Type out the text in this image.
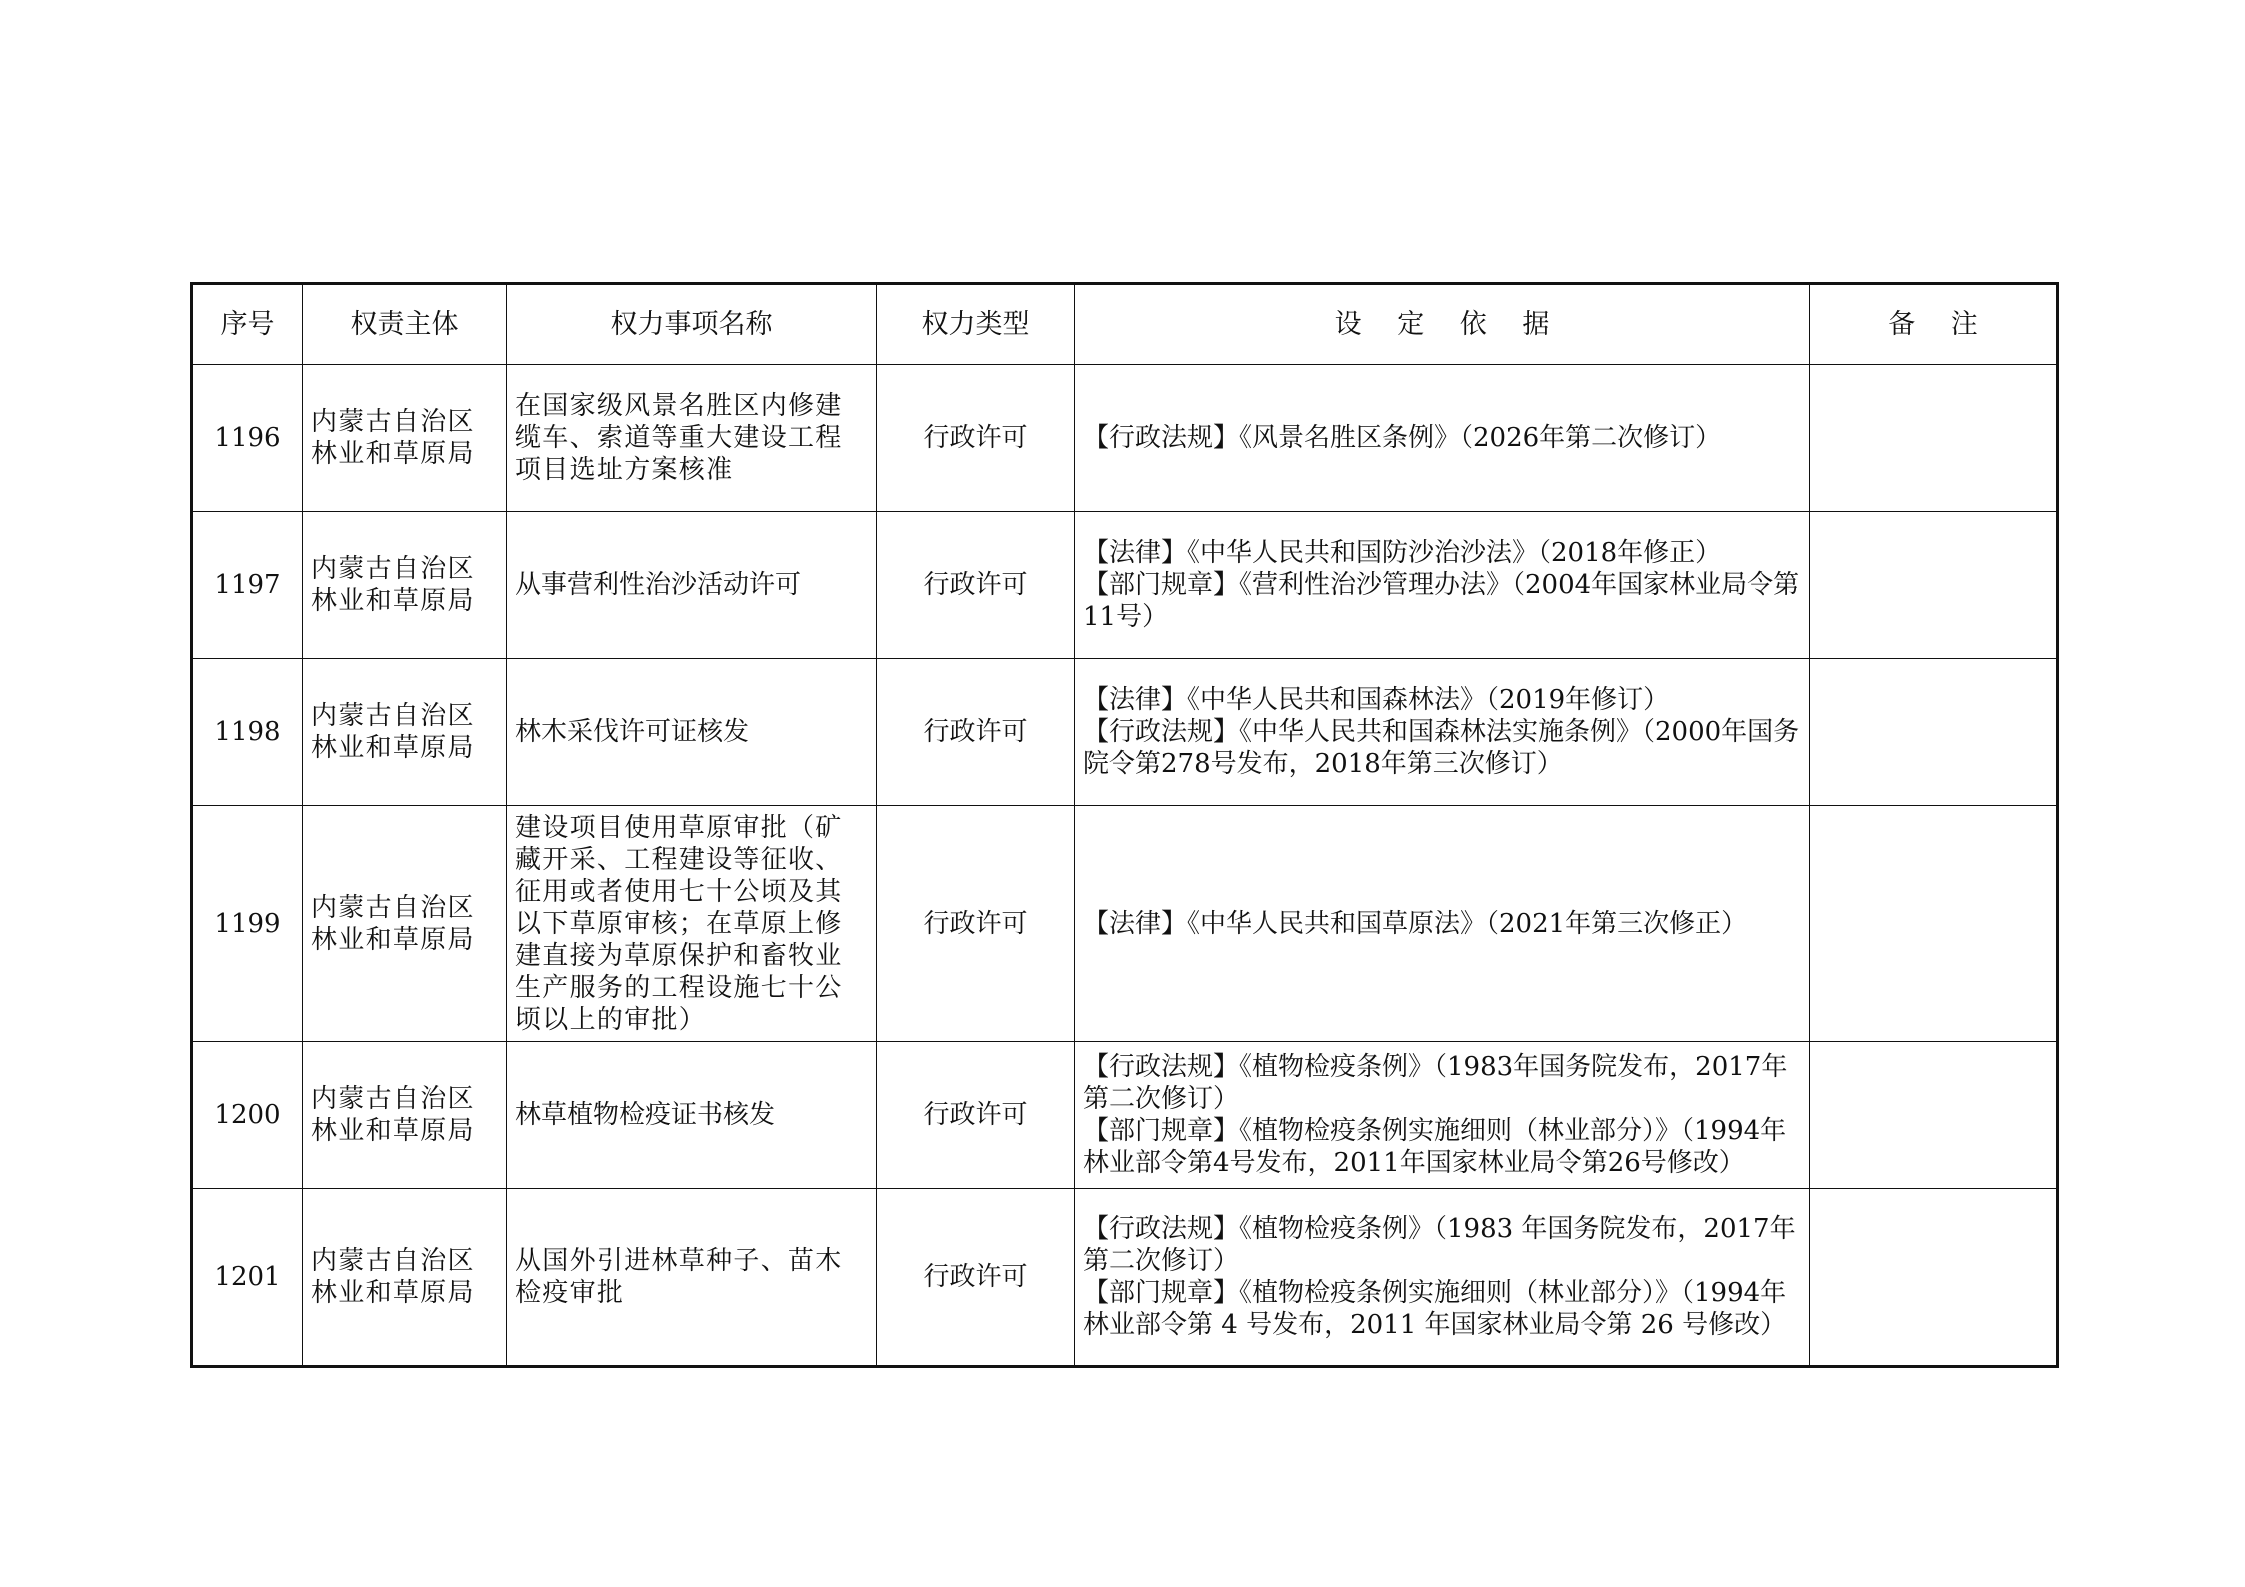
序号	权责主体	权力事项名称	权力类型	设　 定　 依　 据	备　 注
1196	内蒙古自治区林业和草原局	在国家级风景名胜区内修建缆车、索道等重大建设工程项目选址方案核准	行政许可	【行政法规】《风景名胜区条例》（2026年第二次修订）	

1197	内蒙古自治区林业和草原局	从事营利性治沙活动许可	行政许可	【法律】《中华人民共和国防沙治沙法》（2018年修正）
【部门规章】《营利性治沙管理办法》（2004年国家林业局令第11号）	

1198	内蒙古自治区林业和草原局	林木采伐许可证核发	行政许可	【法律】《中华人民共和国森林法》（2019年修订）
【行政法规】《中华人民共和国森林法实施条例》（2000年国务院令第278号发布，2018年第三次修订）	

1199	内蒙古自治区林业和草原局	建设项目使用草原审批（矿藏开采、工程建设等征收、征用或者使用七十公顷及其以下草原审核；在草原上修建直接为草原保护和畜牧业生产服务的工程设施七十公顷以上的审批）	行政许可	【法律】《中华人民共和国草原法》（2021年第三次修正）	

1200	内蒙古自治区林业和草原局	林草植物检疫证书核发	行政许可	【行政法规】《植物检疫条例》（1983年国务院发布，2017年第二次修订）
【部门规章】《植物检疫条例实施细则（林业部分）》（1994年林业部令第4号发布，2011年国家林业局令第26号修改）	

1201	内蒙古自治区林业和草原局	从国外引进林草种子、苗木检疫审批	行政许可	【行政法规】《植物检疫条例》（1983 年国务院发布，2017年第二次修订）
【部门规章】《植物检疫条例实施细则（林业部分）》（1994年林业部令第 4 号发布，2011 年国家林业局令第 26 号修改）	
